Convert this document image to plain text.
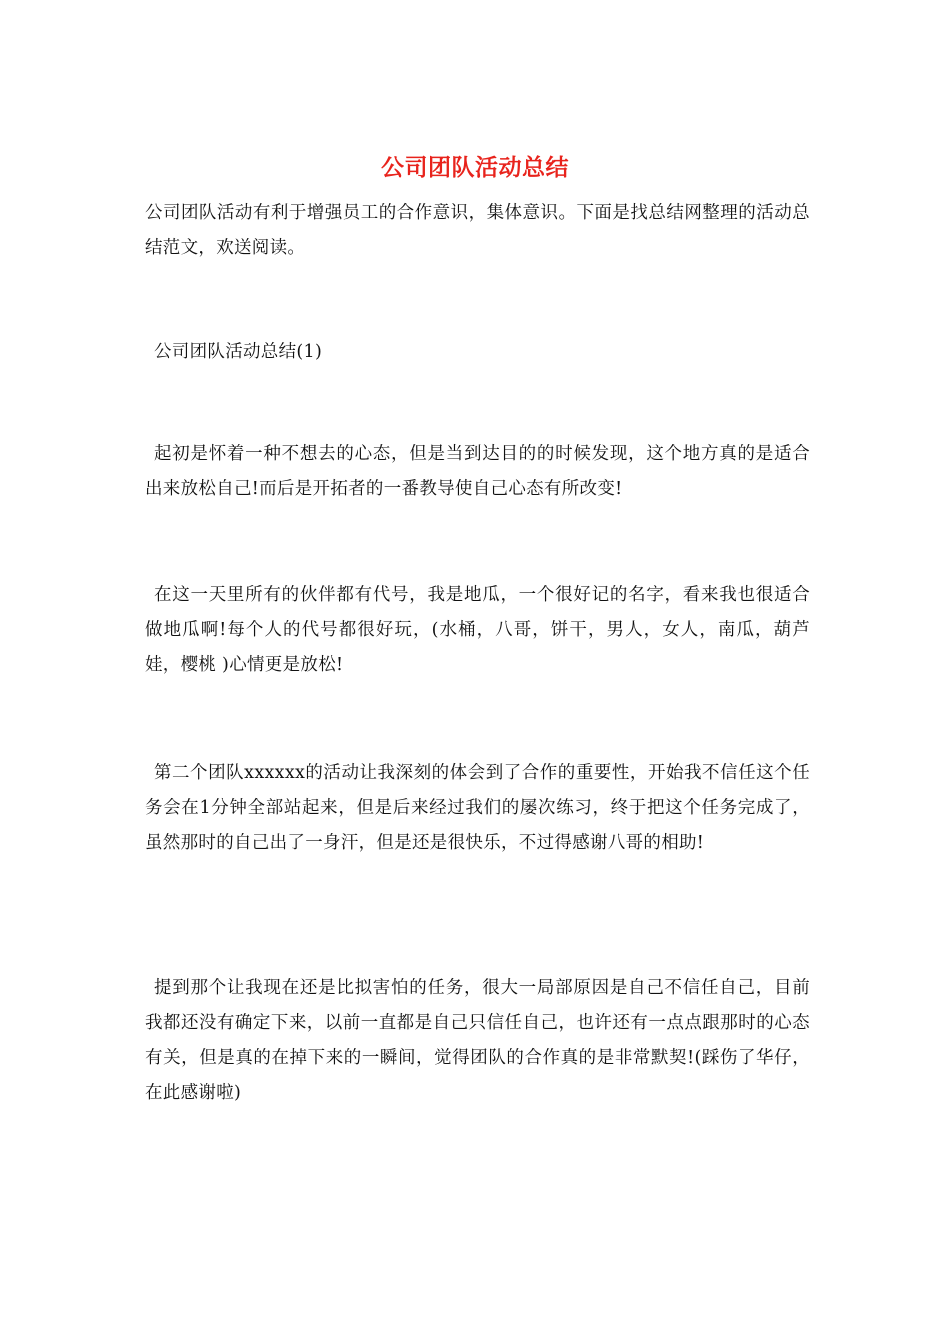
公司团队活动总结
公司团队活动有利于增强员工的合作意识，集体意识。下面是找总结网整理的活动总结范文，欢送阅读。
公司团队活动总结(1)
起初是怀着一种不想去的心态，但是当到达目的的时候发现，这个地方真的是适合出来放松自己!而后是开拓者的一番教导使自己心态有所改变!
在这一天里所有的伙伴都有代号，我是地瓜，一个很好记的名字，看来我也很适合做地瓜啊!每个人的代号都很好玩，(水桶，八哥，饼干，男人，女人，南瓜，葫芦娃，樱桃 )心情更是放松!
第二个团队xxxxxx的活动让我深刻的体会到了合作的重要性，开始我不信任这个任务会在1分钟全部站起来，但是后来经过我们的屡次练习，终于把这个任务完成了，虽然那时的自己出了一身汗，但是还是很快乐，不过得感谢八哥的相助!
提到那个让我现在还是比拟害怕的任务，很大一局部原因是自己不信任自己，目前我都还没有确定下来，以前一直都是自己只信任自己，也许还有一点点跟那时的心态有关，但是真的在掉下来的一瞬间，觉得团队的合作真的是非常默契!(踩伤了华仔，在此感谢啦)
